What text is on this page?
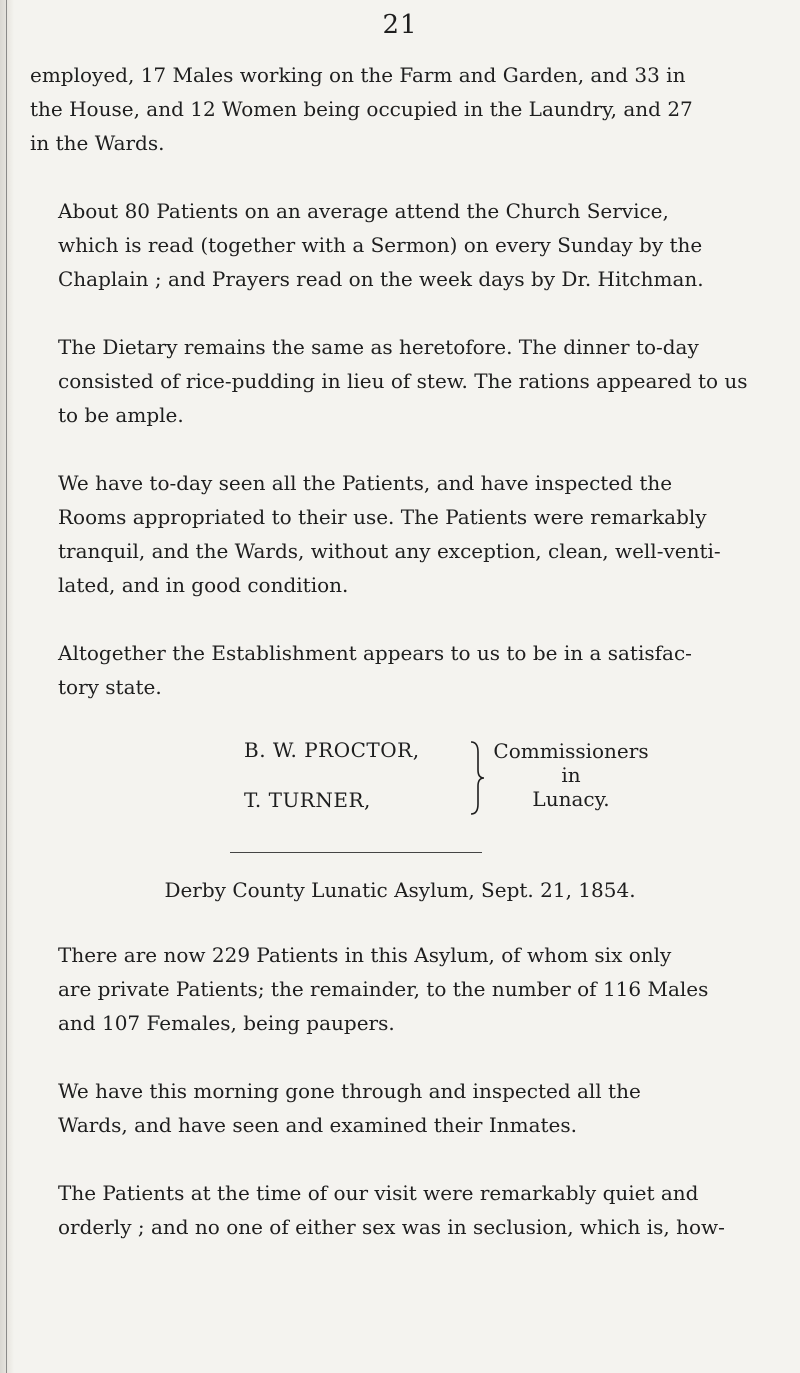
21

employed, 17 Males working on the Farm and Garden, and 33 in
the House, and 12 Women being occupied in the Laundry, and 27
in the Wards.

About 80 Patients on an average attend the Church Service,
which is read (together with a Sermon) on every Sunday by the
Chaplain ; and Prayers read on the week days by Dr. Hitchman.

The Dietary remains the same as heretofore. The dinner to-day
consisted of rice-pudding in lieu of stew. The rations appeared to us
to be ample.

We have to-day seen all the Patients, and have inspected the
Rooms appropriated to their use. The Patients were remarkably
tranquil, and the Wards, without any exception, clean, well-venti-
lated, and in good condition.

Altogether the Establishment appears to us to be in a satisfac-
tory state.

B. W. PROCTOR,
T. TURNER,
Commissioners
in
Lunacy.
Derby County Lunatic Asylum, Sept. 21, 1854.

There are now 229 Patients in this Asylum, of whom six only
are private Patients; the remainder, to the number of 116 Males
and 107 Females, being paupers.

We have this morning gone through and inspected all the
Wards, and have seen and examined their Inmates.

The Patients at the time of our visit were remarkably quiet and
orderly ; and no one of either sex was in seclusion, which is, how-
